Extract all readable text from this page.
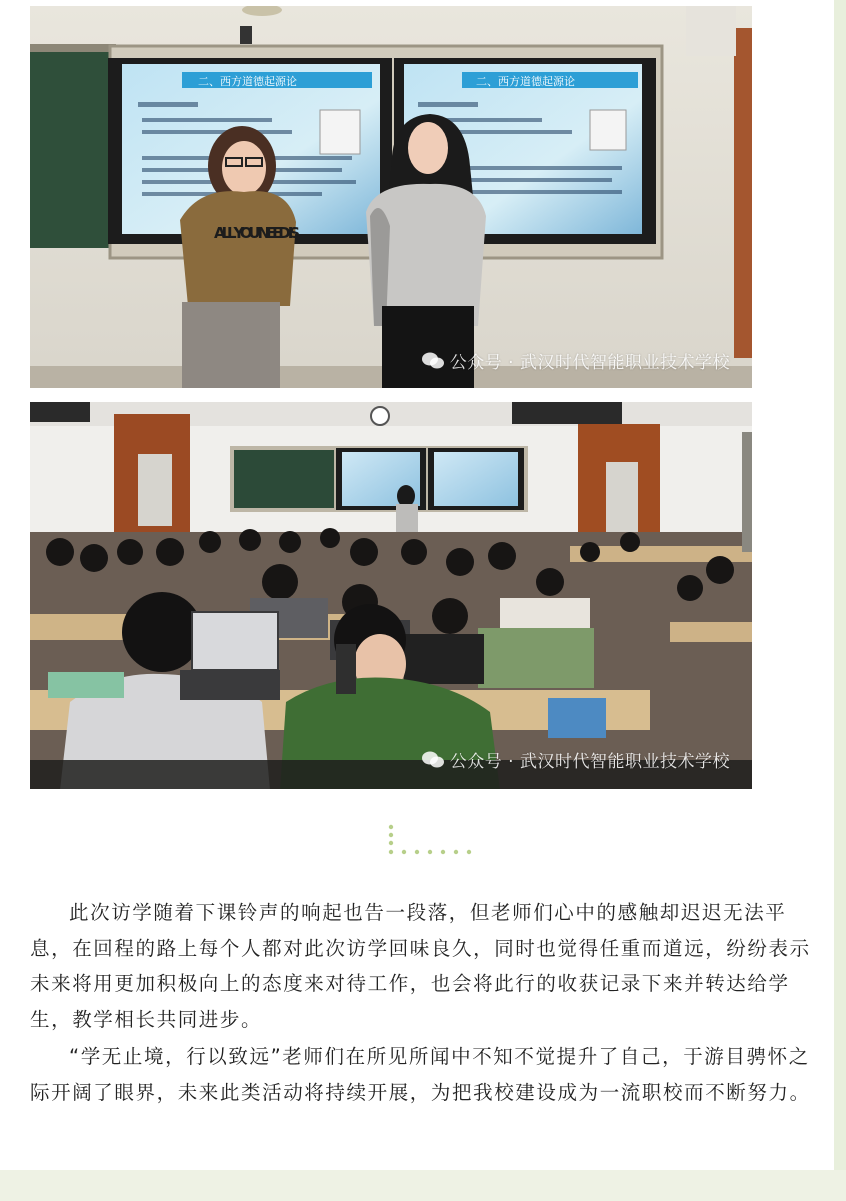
二、西方道德起源论	二、西方道德起源论
ALL YOU NEED IS
公众号 · 武汉时代智能职业技术学校
公众号 · 武汉时代智能职业技术学校

此次访学随着下课铃声的响起也告一段落，但老师们心中的感触却迟迟无法平息，在回程的路上每个人都对此次访学回味良久，同时也觉得任重而道远，纷纷表示未来将用更加积极向上的态度来对待工作，也会将此行的收获记录下来并转达给学生，教学相长共同进步。

“学无止境，行以致远”老师们在所见所闻中不知不觉提升了自己，于游目骋怀之际开阔了眼界，未来此类活动将持续开展，为把我校建设成为一流职校而不断努力。
